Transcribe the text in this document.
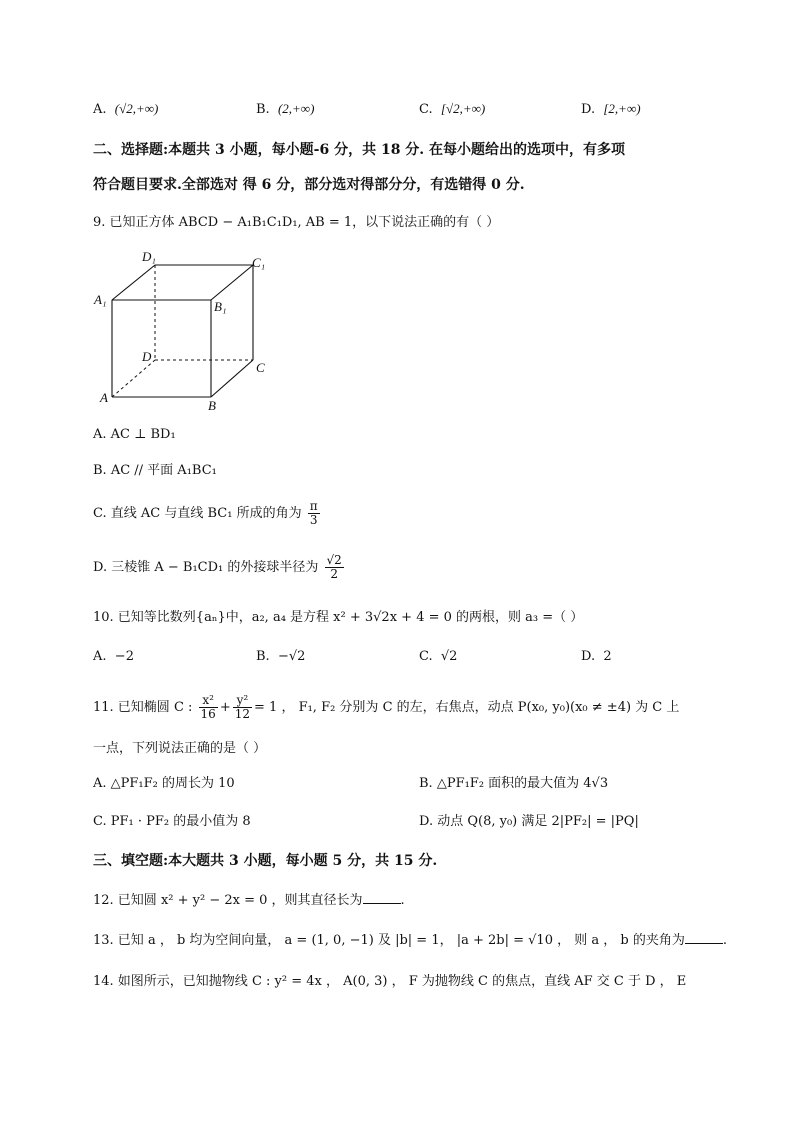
A. (√2,+∞)	B. (2,+∞)	C. [√2,+∞)	D. [2,+∞)
二、选择题:本题共 3 小题，每小题-6 分，共 18 分. 在每小题给出的选项中，有多项
符合题目要求.全部选对 得 6 分，部分选对得部分分，有选错得 0 分.
9. 已知正方体 ABCD − A₁B₁C₁D₁, AB = 1，以下说法正确的有（ ）
D₁	C₁
A₁	B₁
D
C
A
B
A. AC ⊥ BD₁
B. AC // 平面 A₁BC₁
C. 直线 AC 与直线 BC₁ 所成的角为 $\frac{\pi}{3}$
D. 三棱锥 A − B₁CD₁ 的外接球半径为 $\frac{√2}{2}$
10. 已知等比数列{aₙ}中，a₂, a₄ 是方程 x² + 3√2x + 4 = 0 的两根，则 a₃ =（ ）
A. −2	B. −√2	C. √2	D. 2
11. 已知椭圆 C : $\frac{\text{x²}}{16} + \frac{\text{y²}}{12} = 1$ ， F₁, F₂ 分别为 C 的左，右焦点，动点 P(x₀, y₀)(x₀ ≠ ±4) 为 C 上
一点，下列说法正确的是（ ）
A. △PF₁F₂ 的周长为 10	B. △PF₁F₂ 面积的最大值为 4√3
C. PF₁ · PF₂ 的最小值为 8	D. 动点 Q(8, y₀) 满足 2|PF₂| = |PQ|
三、填空题:本大题共 3 小题，每小题 5 分，共 15 分.
12. 已知圆 x² + y² − 2x = 0 ，则其直径长为	.
13. 已知 a ， b 均为空间向量， a = (1, 0, −1) 及 |b| = 1， |a + 2b| = √10 ， 则 a ， b 的夹角为	.
14. 如图所示，已知抛物线 C : y² = 4x ， A(0, 3) ， F 为抛物线 C 的焦点，直线 AF 交 C 于 D ， E
